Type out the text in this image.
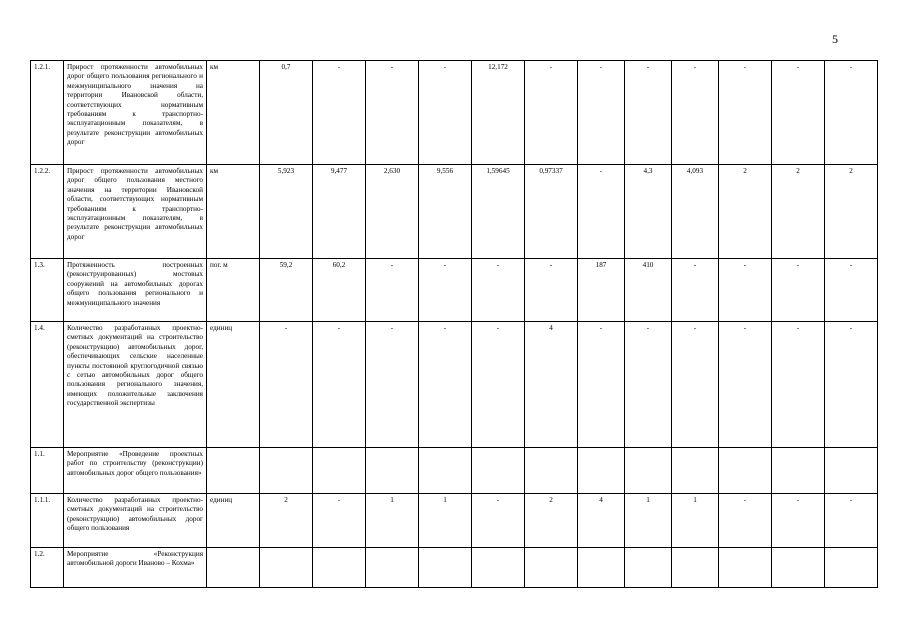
5
1.2.1.	Прирост протяженности автомобильных дорог общего пользования регионального и межмуниципального значения на территории Ивановской области, соответствующих нормативным требованиям к транспортно-эксплуатационным показателям, в результате реконструкции автомобильных дорог	км	0,7	-	-	-	12,172	-	-	-	-	-	-	-
1.2.2.	Прирост протяженности автомобильных дорог общего пользования местного значения на территории Ивановской области, соответствующих нормативным требованиям к транспортно-эксплуатационным показателям, в результате реконструкции автомобильных дорог	км	5,923	9,477	2,630	9,556	1,59645	0,97337	-	4,3	4,093	2	2	2
1.3.	Протяженность построенных (реконструированных) мостовых сооружений на автомобильных дорогах общего пользования регионального и межмуниципального значения	пог. м	59,2	60,2	-	-	-	-	187	410	-	-	-	-
1.4.	Количество разработанных проектно-сметных документаций на строительство (реконструкцию) автомобильных дорог, обеспечивающих сельские населенные пункты постоянной круглогодичной связью с сетью автомобильных дорог общего пользования регионального значения, имеющих положительные заключения государственной экспертизы	единиц	-	-	-	-	-	4	-	-	-	-	-	-
1.1.	Мероприятие «Проведение проектных работ по строительству (реконструкции) автомобильных дорог общего пользования»													
1.1.1.	Количество разработанных проектно-сметных документаций на строительство (реконструкцию) автомобильных дорог общего пользования	единиц	2	-	1	1	-	2	4	1	1	-	-	-
1.2.	Мероприятие «Реконструкция автомобильной дороги Иваново – Кохма»													
